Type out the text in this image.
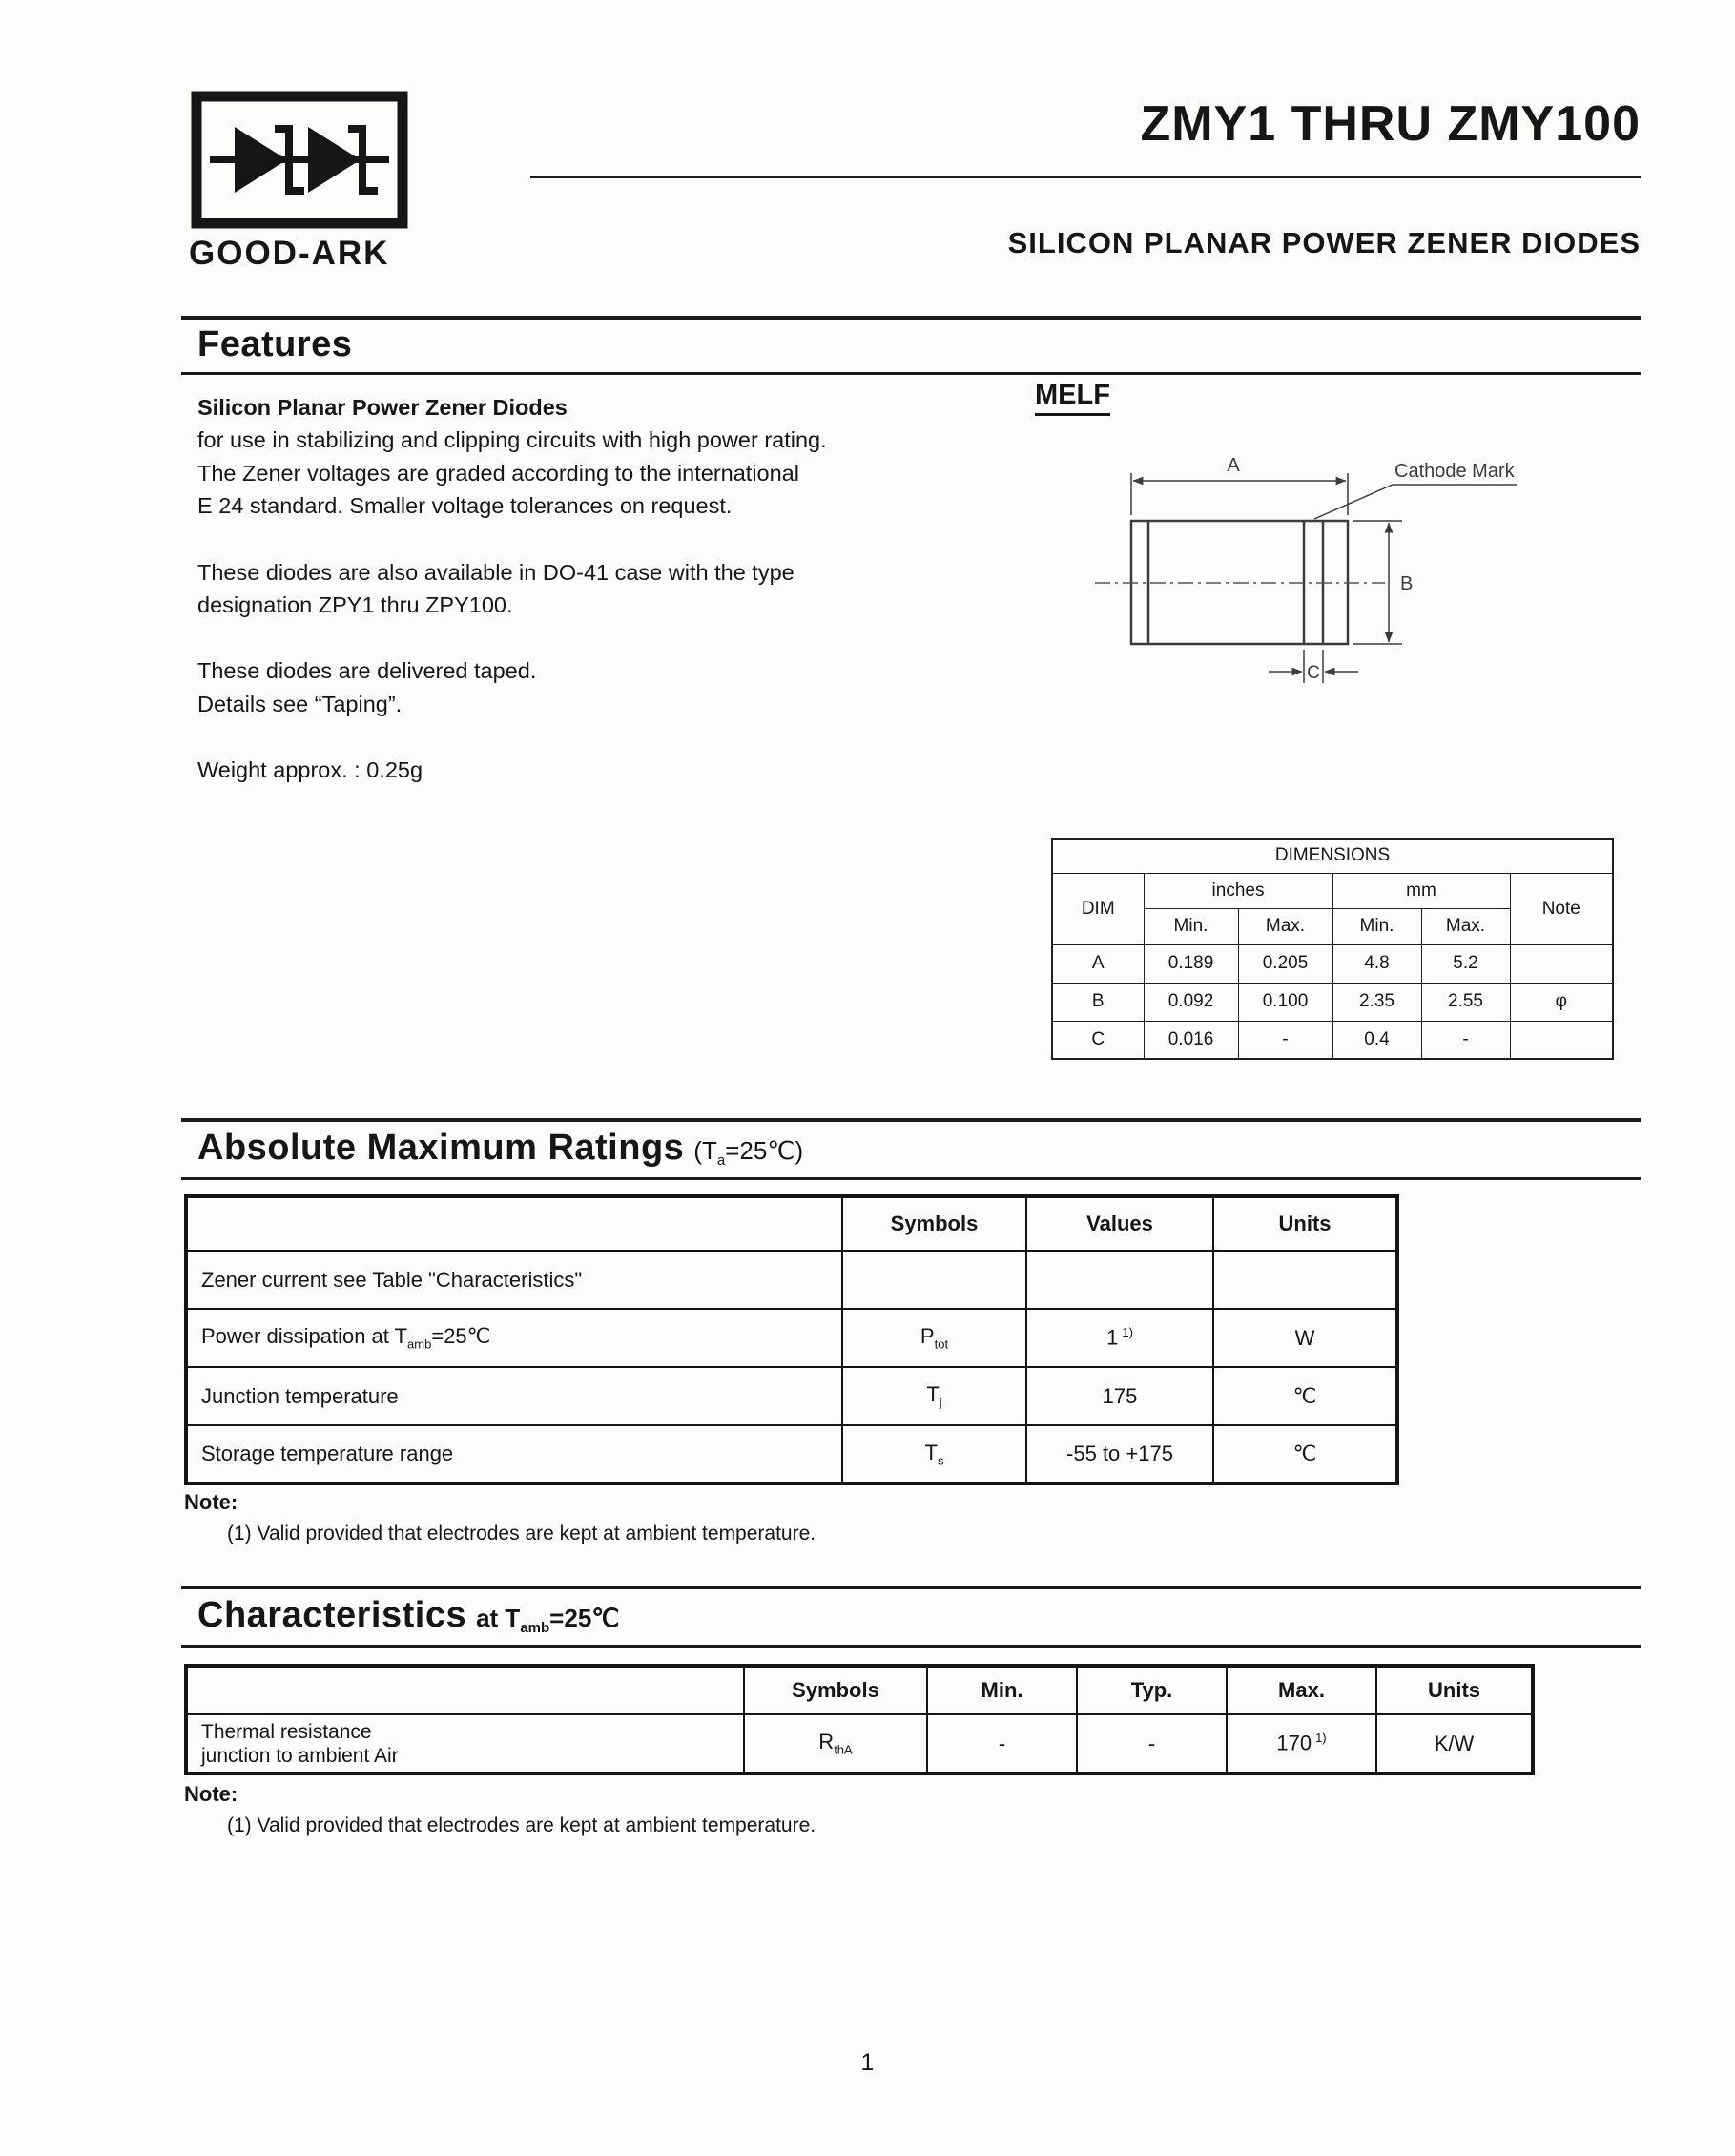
GOOD-ARK
ZMY1 THRU ZMY100
SILICON PLANAR POWER ZENER DIODES
Features
Silicon Planar Power Zener Diodes
for use in stabilizing and clipping circuits with high power rating.
The Zener voltages are graded according to the international
E 24 standard. Smaller voltage tolerances on request.
These diodes are also available in DO-41 case with the type
designation ZPY1 thru ZPY100.
These diodes are delivered taped.
Details see “Taping”.
Weight approx. : 0.25g
MELF
A	Cathode Mark
B
C
DIMENSIONS					
DIM	inches		mm		Note
	Min.	Max.	Min.	Max.	
A	0.189	0.205	4.8	5.2	
B	0.092	0.100	2.35	2.55	φ
C	0.016	-	0.4	-	
Absolute Maximum Ratings $(T_a=25℃)$
	Symbols	Values	Units
Zener current see Table "Characteristics"			
Power dissipation at $T_{amb}=25℃$	$P_{tot}$	1 $^{1)}$	W
Junction temperature	$T_j$	175	℃
Storage temperature range	$T_s$	-55 to +175	℃
Note:
(1) Valid provided that electrodes are kept at ambient temperature.
Characteristics at $T_{amb}=25℃$
	Symbols	Min.	Typ.	Max.	Units

Thermal resistance
junction to ambient Air	$R_{thA}$	-	-	170 $^{1)}$	K/W
Note:
(1) Valid provided that electrodes are kept at ambient temperature.
1
